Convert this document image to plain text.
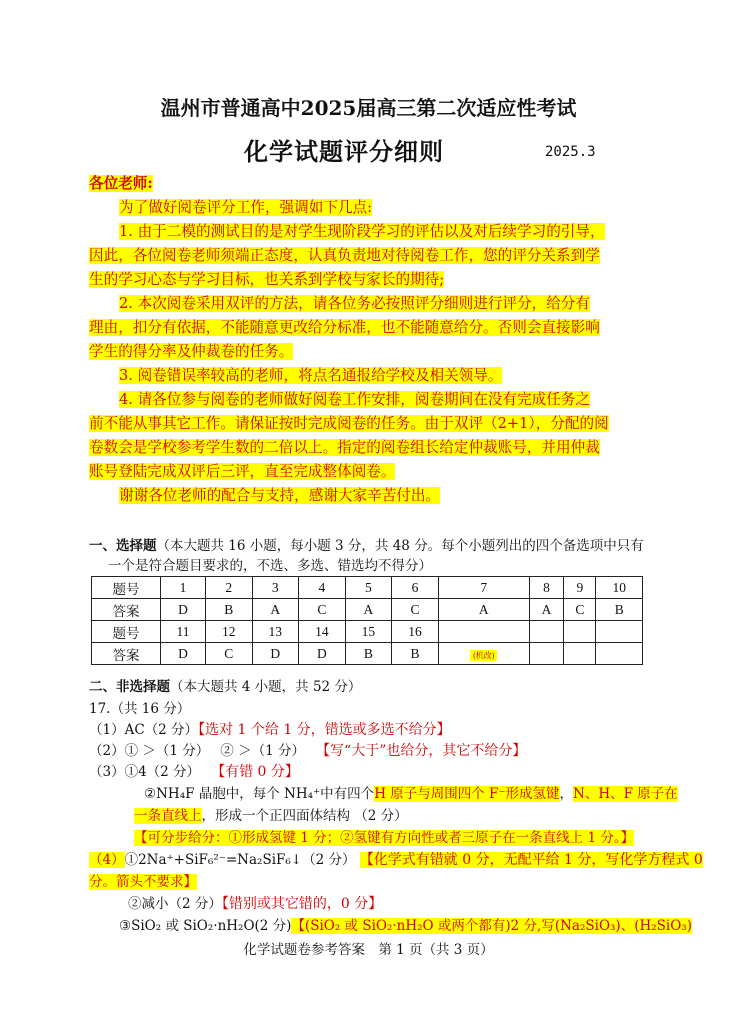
温州市普通高中2025届高三第二次适应性考试
化学试题评分细则	2025.3
各位老师:
为了做好阅卷评分工作，强调如下几点:
1. 由于二模的测试目的是对学生现阶段学习的评估以及对后续学习的引导，
因此，各位阅卷老师须端正态度，认真负责地对待阅卷工作，您的评分关系到学
生的学习心态与学习目标，也关系到学校与家长的期待;
2. 本次阅卷采用双评的方法，请各位务必按照评分细则进行评分，给分有
理由，扣分有依据，不能随意更改给分标准，也不能随意给分。否则会直接影响
学生的得分率及仲裁卷的任务。
3. 阅卷错误率较高的老师，将点名通报给学校及相关领导。
4. 请各位参与阅卷的老师做好阅卷工作安排，阅卷期间在没有完成任务之
前不能从事其它工作。请保证按时完成阅卷的任务。由于双评（2+1），分配的阅
卷数会是学校参考学生数的二倍以上。指定的阅卷组长给定仲裁账号，并用仲裁
账号登陆完成双评后三评，直至完成整体阅卷。
谢谢各位老师的配合与支持，感谢大家辛苦付出。
一、选择题（本大题共 16 小题，每小题 3 分，共 48 分。每个小题列出的四个备选项中只有
一个是符合题目要求的，不选、多选、错选均不得分）
题号	1	2	3	4	5	6	7	8	9	10
答案	D	B	A	C	A	C	A	A	C	B
题号	11	12	13	14	15	16				
答案	D	C	D	D	B	B	(机改)			
二、非选择题（本大题共 4 小题，共 52 分）
17.（共 16 分）
（1）AC（2 分）【选对 1 个给 1 分，错选或多选不给分】
（2）① ＞（1 分）　 ② ＞（1 分）　 【写“大于”也给分，其它不给分】
（3）①4（2 分）　 【有错 0 分】
②NH₄F 晶胞中，每个 NH₄⁺中有四个H 原子与周围四个 F⁻形成氢键，N、H、F 原子在
一条直线上，形成一个正四面体结构 （2 分）
【可分步给分：①形成氢键 1 分；②氢键有方向性或者三原子在一条直线上 1 分。】
（4）①2Na⁺+SiF₆²⁻=Na₂SiF₆↓（2 分） 【化学式有错就 0 分，无配平给 1 分，写化学方程式 0
分。箭头不要求】
②减小（2 分）【错别或其它错的，0 分】
③SiO₂ 或 SiO₂·nH₂O(2 分)【(SiO₂ 或 SiO₂·nH₂O 或两个都有)2 分,写(Na₂SiO₃)、(H₂SiO₃)
化学试题卷参考答案　第 1 页（共 3 页）
